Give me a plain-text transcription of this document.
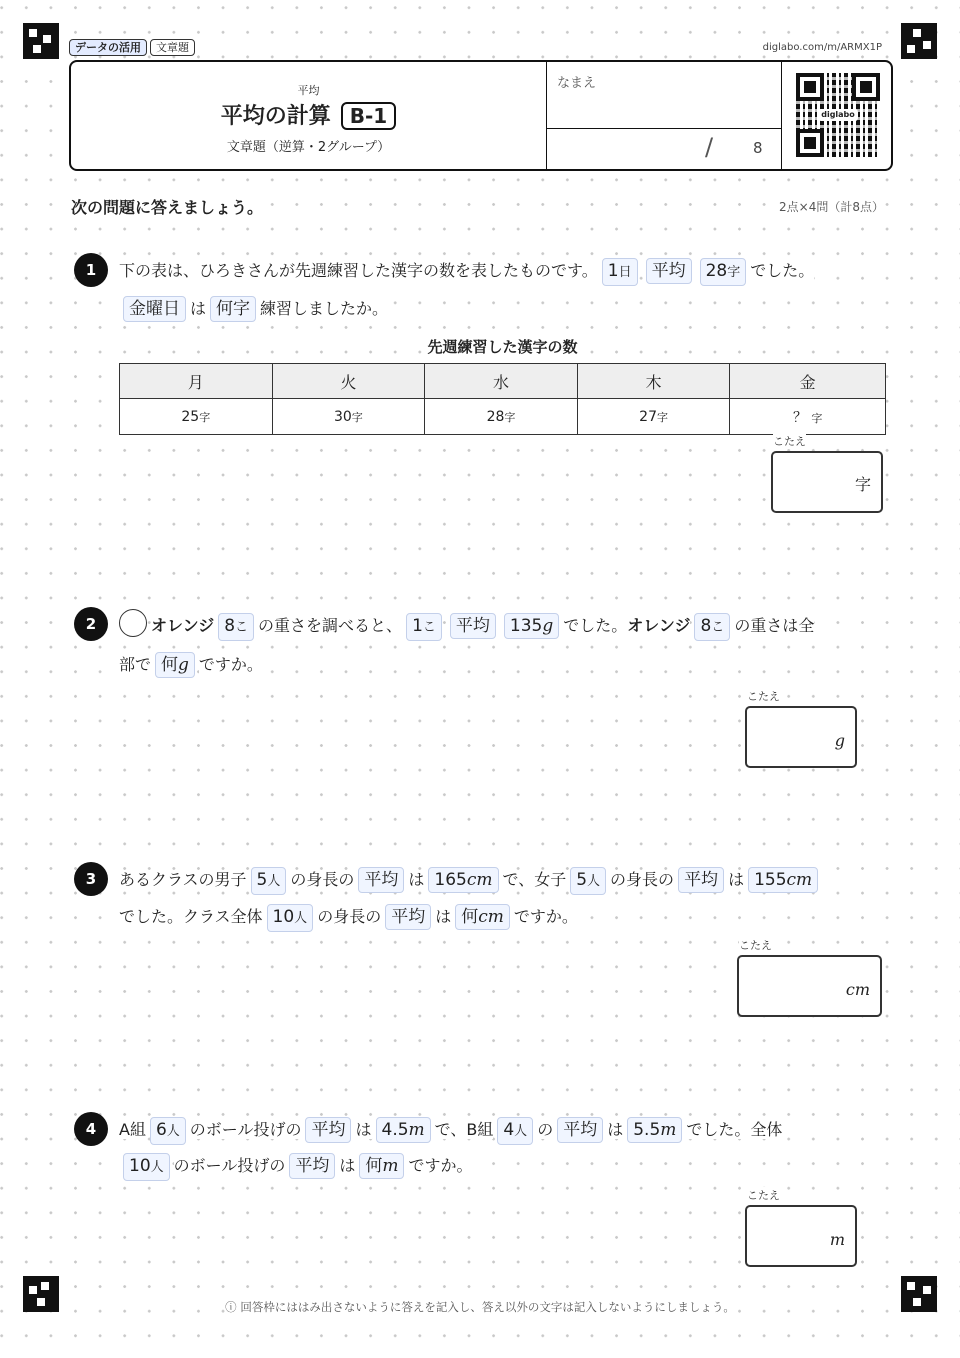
データの活用 文章題	diglabo.com/m/ARMX1P
平均
平均の計算 B-1
文章題（逆算・2グループ）
なまえ
/	8
diglabo
次の問題に答えましょう。	2点×4問（計8点）
1	下の表は、ひろきさんが先週練習した漢字の数を表したものです。 1日 平均 28字 でした。
金曜日 は 何字 練習しましたか。
先週練習した漢字の数
月	火	水	木	金
25字	30字	28字	27字	？ 字
こたえ
字
2	オレンジ 8こ の重さを調べると、 1こ 平均 135g でした。オレンジ 8こ の重さは全
部で 何g ですか。
こたえ
g
3	あるクラスの男子 5人 の身長の 平均 は 165cm で、女子 5人 の身長の 平均 は 155cm
でした。クラス全体 10人 の身長の 平均 は 何cm ですか。
こたえ
cm
4	A組 6人 のボール投げの 平均 は 4.5m で、B組 4人 の 平均 は 5.5m でした。全体
10人 のボール投げの 平均 は 何m ですか。
こたえ
m
ⓘ 回答枠にははみ出さないように答えを記入し、答え以外の文字は記入しないようにしましょう。
